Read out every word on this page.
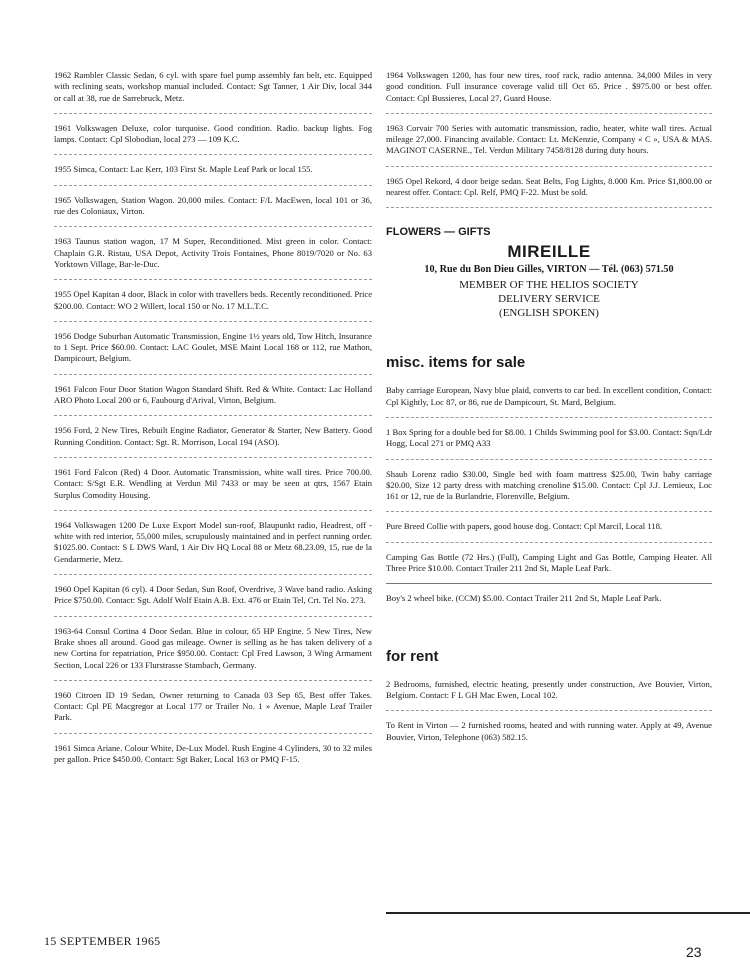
1962 Rambler Classic Sedan, 6 cyl. with spare fuel pump assembly fan belt, etc. Equipped with reclining seats, workshop manual included. Contact: Sgt Tanner, 1 Air Div, local 344 or call at 38, rue de Sarrebruck, Metz.

1961 Volkswagen Deluxe, color turquoise. Good condition. Radio. backup lights. Fog lamps. Contact: Cpl Slobodian, local 273 — 109 K.C.

1955 Simca, Contact: Lac Kerr, 103 First St. Maple Leaf Park or local 155.

1965 Volkswagen, Station Wagon. 20,000 miles. Contact: F/L MacEwen, local 101 or 36, rue des Coloniaux, Virton.

1963 Taunus station wagon, 17 M Super, Reconditioned. Mist green in color. Contact: Chaplain G.R. Ristau, USA Depot, Activity Trois Fontaines, Phone 8019/7020 or No. 63 Yorktown Village, Bar-le-Duc.

1955 Opel Kapitan 4 door, Black in color with travellers beds. Recently reconditioned. Price $200.00. Contact: WO 2 Willert, local 150 or No. 17 M.L.T.C.

1956 Dodge Suburban Automatic Transmission, Engine 1½ years old, Tow Hitch, Insurance to 1 Sept. Price $60.00. Contact: LAC Goulet, MSE Maint Local 168 or 112, rue Mathon, Dampicourt, Belgium.

1961 Falcon Four Door Station Wagon Standard Shift. Red & White. Contact: Lac Holland ARO Photo Local 200 or 6, Faubourg d'Arival, Virton, Belgium.

1956 Ford, 2 New Tires, Rebuilt Engine Radiator, Generator & Starter, New Battery. Good Running Condition. Contact: Sgt. R. Morrison, Local 194 (ASO).

1961 Ford Falcon (Red) 4 Door. Automatic Transmission, white wall tires. Price 700.00. Contact: S/Sgt E.R. Wendling at Verdun Mil 7433 or may be seen at qtrs, 1567 Etain Surplus Comodity Housing.

1964 Volkswagen 1200 De Luxe Export Model sun-roof, Blaupunkt radio, Headrest, off -white with red interior, 55,000 miles, scrupulously maintained and in perfect running order. $1025.00. Contact: S L DWS Ward, 1 Air Div HQ Local 88 or Metz 68.23.09, 15, rue de la Gendarmerie, Metz.

1960 Opel Kapitan (6 cyl). 4 Door Sedan, Sun Roof, Overdrive, 3 Wave band radio. Asking Price $750.00. Contact: Sgt. Adolf Wolf Etain A.B. Ext. 476 or Etain Tel, Crt. Tel No. 273.

1963-64 Consul Cortina 4 Door Sedan. Blue in colour, 65 HP Engine. 5 New Tires, New Brake shoes all around. Good gas mileage. Owner is selling as he has taken delivery of a new Cortina for repatriation, Price $950.00. Contact: Cpl Fred Lawson, 3 Wing Armament Section, Local 226 or 133 Flurstrasse Stambach, Germany.

1960 Citroen ID 19 Sedan, Owner returning to Canada 03 Sep 65, Best offer Takes. Contact: Cpl PE Macgregor at Local 177 or Trailer No. 1 » Avenue, Maple Leaf Trailer Park.

1961 Simca Ariane. Colour White, De-Lux Model. Rush Engine 4 Cylinders, 30 to 32 miles per gallon. Price $450.00. Contact: Sgt Baker, Local 163 or PMQ F-15.

1964 Volkswagen 1200, has four new tires, roof rack, radio antenna. 34,000 Miles in very good condition. Full insurance coverage valid till Oct 65. Price . $975.00 or best offer. Contact: Cpl Bussieres, Local 27, Guard House.

1963 Corvair 700 Series with automatic transmission, radio, heater, white wall tires. Actual mileage 27,000. Financing available. Contact: Lt. McKenzie, Company « C », USA & MAS. MAGINOT CASERNE., Tel. Verdun Military 7458/8128 during duty hours.

1965 Opel Rekord, 4 door beige sedan. Seat Belts, Fog Lights, 8.000 Km. Price $1,800.00 or nearest offer. Contact: Cpl. Relf, PMQ F-22. Must be sold.

FLOWERS — GIFTS
MIREILLE
10, Rue du Bon Dieu Gilles, VIRTON — Tél. (063) 571.50
MEMBER OF THE HELIOS SOCIETY
DELIVERY SERVICE
(ENGLISH SPOKEN)
misc. items for sale

Baby carriage European, Navy blue plaid, converts to car bed. In excellent condition, Contact: Cpl Kightly, Loc 87, or 86, rue de Dampicourt, St. Mard, Belgium.

1 Box Spring for a double bed for $8.00. 1 Childs Swimming pool for $3.00. Contact: Sqn/Ldr Hogg, Local 271 or PMQ A33

Shaub Lorenz radio $30.00, Single bed with foam mattress $25.00, Twin baby carriage $20.00, Size 12 party dress with matching crenoline $15.00. Contact: Cpl J.J. Lemieux, Loc 161 or 12, rue de la Burlandrie, Florenville, Belgium.

Pure Breed Collie with papers, good house dog. Contact: Cpl Marcil, Local 118.

Camping Gas Bottle (72 Hrs.) (Full), Camping Light and Gas Bottle, Camping Heater. All Three Price $10.00. Contact Trailer 211 2nd St, Maple Leaf Park.

Boy's 2 wheel bike. (CCM) $5.00. Contact Trailer 211 2nd St, Maple Leaf Park.

for rent

2 Bedrooms, furnished, electric heating, presently under construction, Ave Bouvier, Virton, Belgium. Contact: F L GH Mac Ewen, Local 102.

To Rent in Virton — 2 furnished rooms, heated and with running water. Apply at 49, Avenue Bouvier, Virton, Telephone (063) 582.15.

15 SEPTEMBER 1965
23
